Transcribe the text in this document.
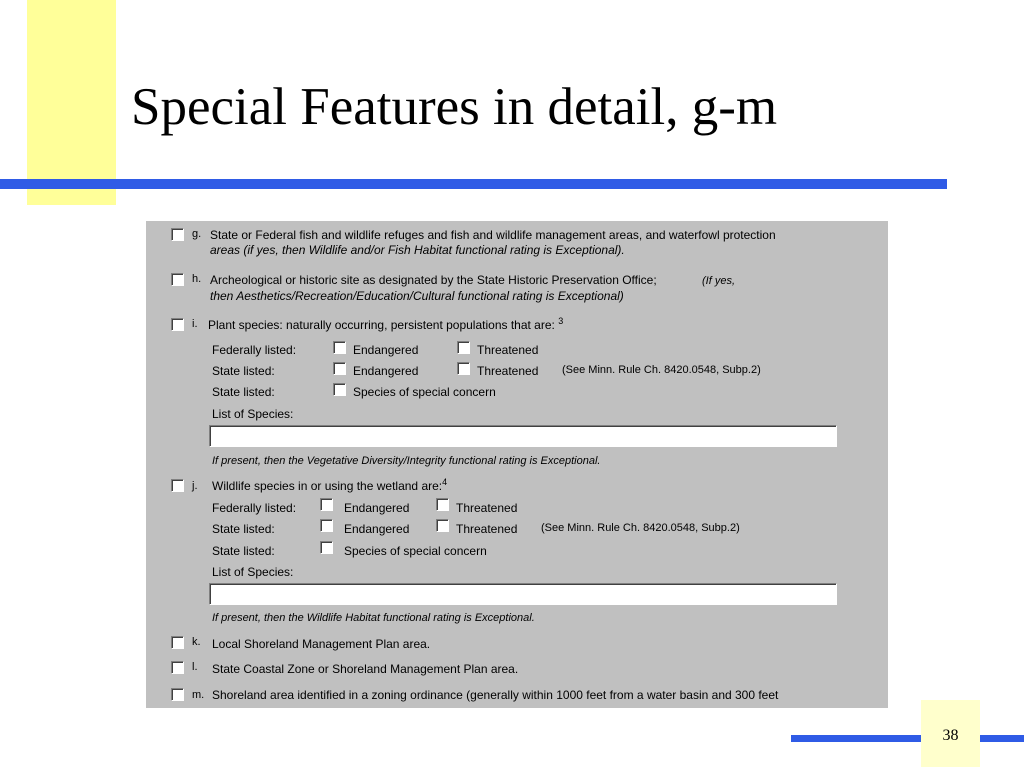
Special Features in detail, g-m
g. State or Federal fish and wildlife refuges and fish and wildlife management areas, and waterfowl protection
areas (if yes, then Wildlife and/or Fish Habitat functional rating is Exceptional).
h. Archeological or historic site as designated by the State Historic Preservation Office;	(If yes,
then Aesthetics/Recreation/Education/Cultural functional rating is Exceptional)
i. Plant species: naturally occurring, persistent populations that are: $^3$
Federally listed:	Endangered	Threatened
State listed:	Endangered	Threatened (See Minn. Rule Ch. 8420.0548, Subp.2)
State listed:	Species of special concern
List of Species:
If present, then the Vegetative Diversity/Integrity functional rating is Exceptional.
j. Wildlife species in or using the wetland are:$^4$
Federally listed:	Endangered	Threatened
State listed:	Endangered	Threatened (See Minn. Rule Ch. 8420.0548, Subp.2)
State listed:	Species of special concern
List of Species:
If present, then the Wildlife Habitat functional rating is Exceptional.
k. Local Shoreland Management Plan area.
l. State Coastal Zone or Shoreland Management Plan area.
m. Shoreland area identified in a zoning ordinance (generally within 1000 feet from a water basin and 300 feet
38
